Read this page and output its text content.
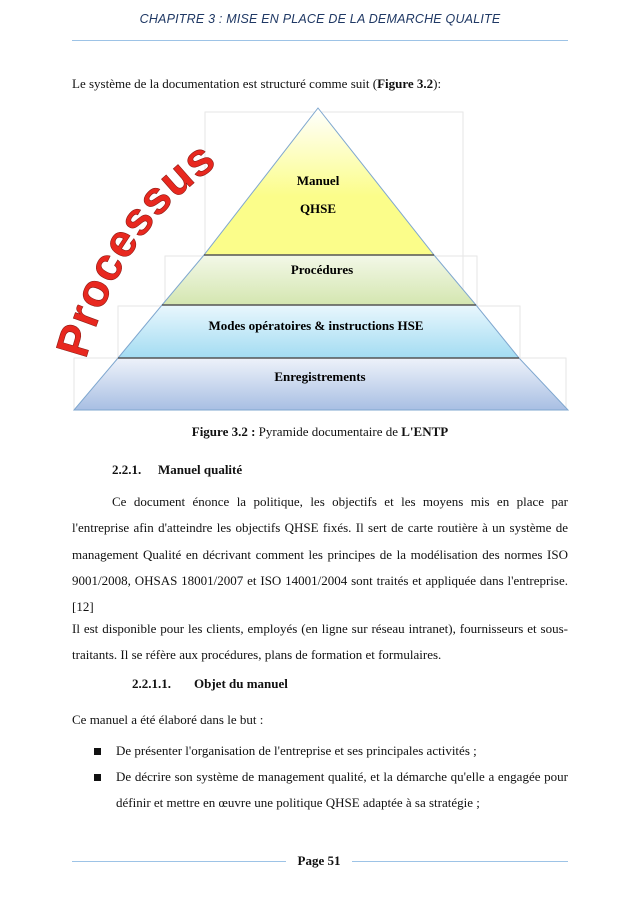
CHAPITRE 3 : MISE EN PLACE DE LA DEMARCHE QUALITE
Le système de la documentation est structuré comme suit (Figure 3.2):
Manuel
QHSE
Procédures
Modes opératoires & instructions HSE
Enregistrements
Processus
Figure 3.2 : Pyramide documentaire de L'ENTP
2.2.1. Manuel qualité
Ce document énonce la politique, les objectifs et les moyens mis en place par l'entreprise afin d'atteindre les objectifs QHSE fixés. Il sert de carte routière à un système de management Qualité en décrivant comment les principes de la modélisation des normes ISO 9001/2008, OHSAS 18001/2007 et ISO 14001/2004 sont traités et appliquée dans l'entreprise. [12]
Il est disponible pour les clients, employés (en ligne sur réseau intranet), fournisseurs et sous-traitants. Il se réfère aux procédures, plans de formation et formulaires.
2.2.1.1. Objet du manuel
Ce manuel a été élaboré dans le but :
De présenter l'organisation de l'entreprise et ses principales activités ;
De décrire son système de management qualité, et la démarche qu'elle a engagée pour définir et mettre en œuvre une politique QHSE adaptée à sa stratégie ;
Page 51
